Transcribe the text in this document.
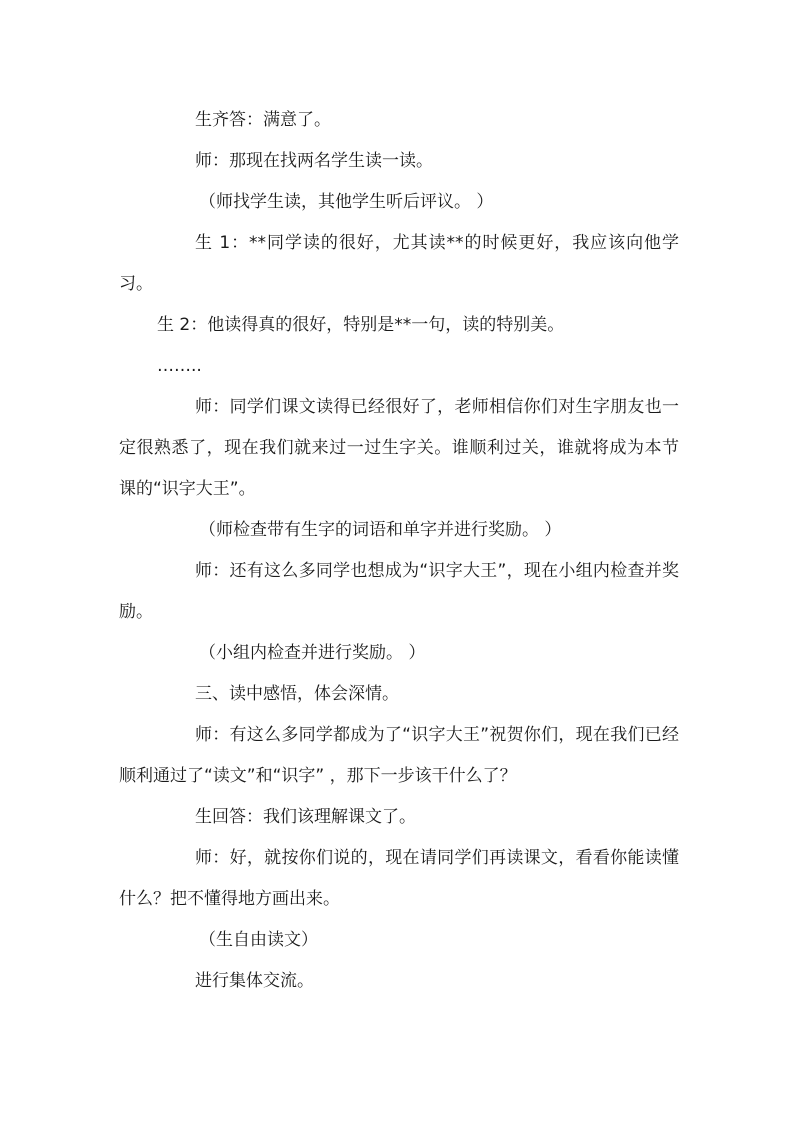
生齐答：满意了。

师：那现在找两名学生读一读。

（师找学生读，其他学生听后评议。 ）

生 1：**同学读的很好，尤其读**的时候更好，我应该向他学习。

生 2：他读得真的很好，特别是**一句，读的特别美。

……..

师：同学们课文读得已经很好了，老师相信你们对生字朋友也一定很熟悉了，现在我们就来过一过生字关。谁顺利过关，谁就将成为本节课的“识字大王”。

（师检查带有生字的词语和单字并进行奖励。 ）

师：还有这么多同学也想成为“识字大王”，现在小组内检查并奖励。

（小组内检查并进行奖励。 ）

三、读中感悟，体会深情。

师：有这么多同学都成为了“识字大王”祝贺你们，现在我们已经顺利通过了“读文”和“识字” ，那下一步该干什么了？

生回答：我们该理解课文了。

师：好，就按你们说的，现在请同学们再读课文，看看你能读懂什么？把不懂得地方画出来。

（生自由读文）

进行集体交流。
